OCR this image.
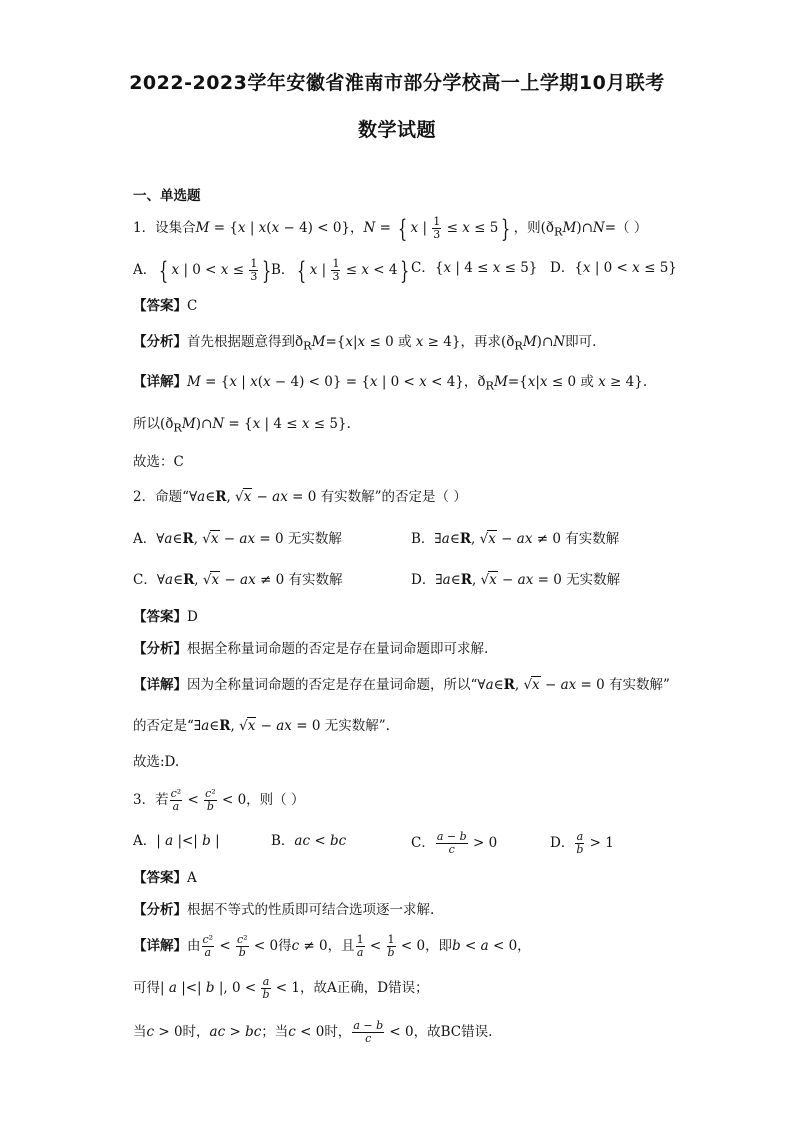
2022-2023学年安徽省淮南市部分学校高一上学期10月联考
数学试题
一、单选题
1．设集合M = {x | x(x − 4) < 0}，N = { x | $\frac{1}{3} \le x \le 5$ } ，则$(ð_RM)\cap N=$（ ）
A． { x | $0 < x \le \frac{1}{3}$ } B． { x | $\frac{1}{3} \le x < 4$ } C．{x | 4 ≤ x ≤ 5} D．{x | 0 < x ≤ 5}
【答案】C
【分析】首先根据题意得到$ð_RM=\{x|x \le 0$ 或 x ≥ 4}，再求$(ð_RM)\cap N$即可.
【详解】M = {x | x(x − 4) < 0} = {x | 0 < x < 4}，$ð_RM=\{x|x \le 0$ 或 x ≥ 4}.
所以$(ð_RM)\cap N = \{x$ | 4 ≤ x ≤ 5}.
故选：C
2．命题“∀a∈R, √x − ax = 0 有实数解”的否定是（ ）
A．∀a∈R, √x − ax = 0 无实数解	B．∃a∈R, √x − ax ≠ 0 有实数解
C．∀a∈R, √x − ax ≠ 0 有实数解	D．∃a∈R, √x − ax = 0 无实数解
【答案】D
【分析】根据全称量词命题的否定是存在量词命题即可求解.
【详解】因为全称量词命题的否定是存在量词命题，所以“∀a∈R, √x − ax = 0 有实数解”
的否定是“∃a∈R, √x − ax = 0 无实数解”.
故选:D.
3．若 $\frac{\text{c²}}{a} < \frac{\text{c²}}{b} < 0$，则（ ）
A．| a |<| b |	B．ac < bc	C． $\frac{a - b}{c} > 0$	D． $\frac{a}{b} > 1$
【答案】A
【分析】根据不等式的性质即可结合选项逐一求解.
【详解】由 $\frac{\text{c²}}{a} < \frac{\text{c²}}{b} < 0$得c ≠ 0，且 $\frac{1}{a} < \frac{1}{b} < 0$，即b < a < 0，
可得| a |<| b |, $0 < \frac{a}{b} < 1$，故A正确，D错误；
当c > 0时，ac > bc；当c < 0时， $\frac{a - b}{c} < 0$，故BC错误.
